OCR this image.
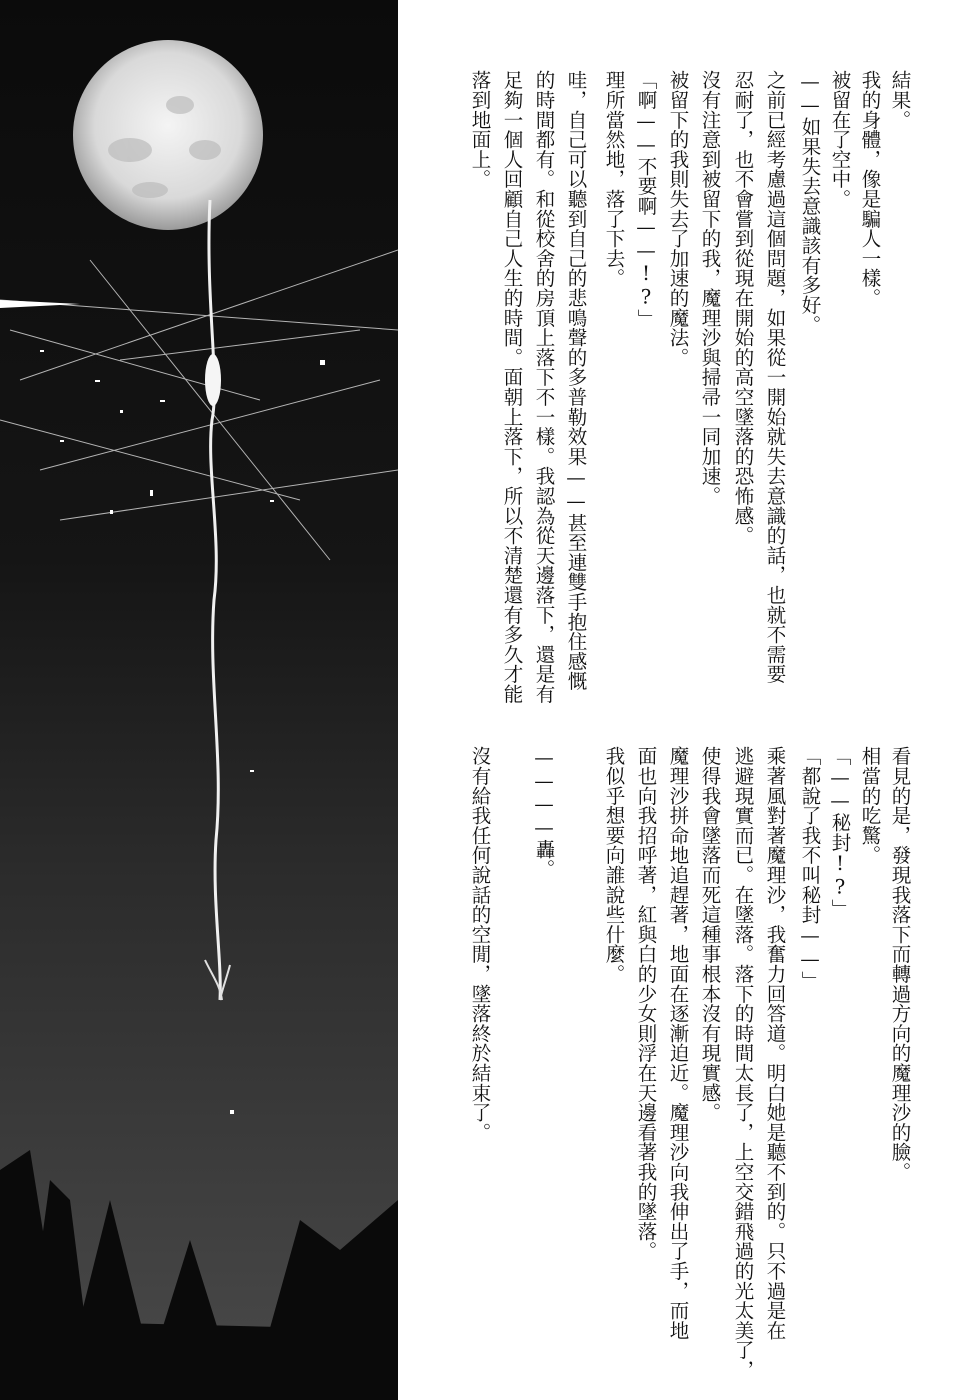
結果。
我的身體，像是騙人一樣。
被留在了空中。
——如果失去意識該有多好。
之前已經考慮過這個問題，如果從一開始就失去意識的話，也就不需要
忍耐了，也不會嘗到從現在開始的高空墜落的恐怖感。
沒有注意到被留下的我，魔理沙與掃帚一同加速。
被留下的我則失去了加速的魔法。
「啊——不要啊——!?」
理所當然地，落了下去。
哇，自己可以聽到自己的悲鳴聲的多普勒效果——甚至連雙手抱住感慨
的時間都有。和從校舍的房頂上落下不一樣。我認為從天邊落下，還是有
足夠一個人回顧自己人生的時間。面朝上落下，所以不清楚還有多久才能
落到地面上。
看見的是，發現我落下而轉過方向的魔理沙的臉。
相當的吃驚。
「——秘封!?」
「都說了我不叫秘封——」
乘著風對著魔理沙，我奮力回答道。明白她是聽不到的。只不過是在
逃避現實而已。在墜落。落下的時間太長了，上空交錯飛過的光太美了，
使得我會墜落而死這種事根本沒有現實感。
魔理沙拼命地追趕著，地面在逐漸迫近。魔理沙向我伸出了手，而地
面也向我招呼著，紅與白的少女則浮在天邊看著我的墜落。
我似乎想要向誰說些什麼。
————轟。
沒有給我任何說話的空閒，墜落終於結束了。
